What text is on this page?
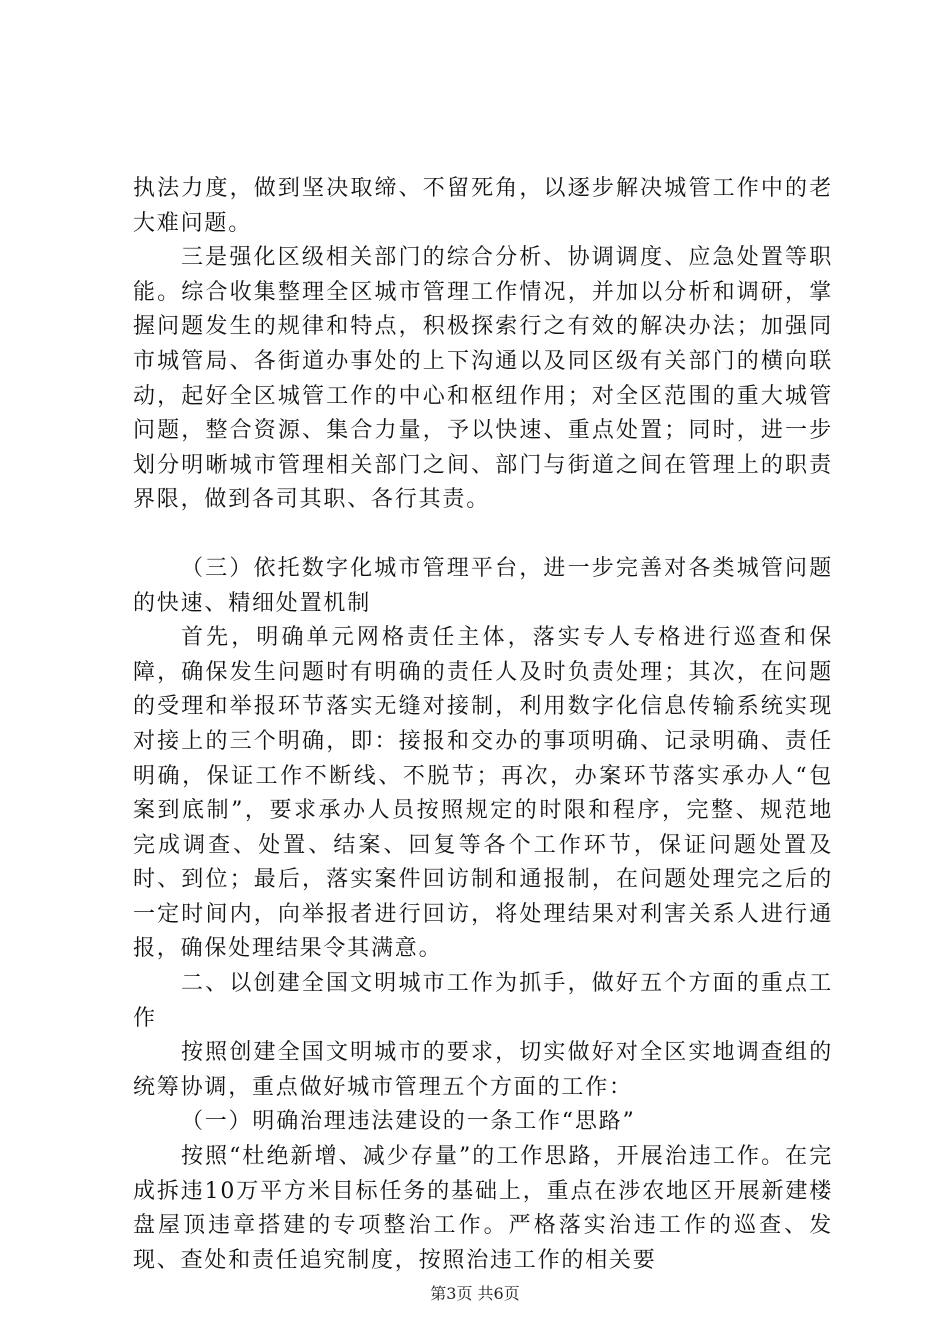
执法力度，做到坚决取缔、不留死角，以逐步解决城管工作中的老大难问题。

三是强化区级相关部门的综合分析、协调调度、应急处置等职能。综合收集整理全区城市管理工作情况，并加以分析和调研，掌握问题发生的规律和特点，积极探索行之有效的解决办法；加强同市城管局、各街道办事处的上下沟通以及同区级有关部门的横向联动，起好全区城管工作的中心和枢纽作用；对全区范围的重大城管问题，整合资源、集合力量，予以快速、重点处置；同时，进一步划分明晰城市管理相关部门之间、部门与街道之间在管理上的职责界限，做到各司其职、各行其责。

（三）依托数字化城市管理平台，进一步完善对各类城管问题的快速、精细处置机制

首先，明确单元网格责任主体，落实专人专格进行巡查和保障，确保发生问题时有明确的责任人及时负责处理；其次，在问题的受理和举报环节落实无缝对接制，利用数字化信息传输系统实现对接上的三个明确，即：接报和交办的事项明确、记录明确、责任明确，保证工作不断线、不脱节；再次，办案环节落实承办人“包案到底制”，要求承办人员按照规定的时限和程序，完整、规范地完成调查、处置、结案、回复等各个工作环节，保证问题处置及时、到位；最后，落实案件回访制和通报制，在问题处理完之后的一定时间内，向举报者进行回访，将处理结果对利害关系人进行通报，确保处理结果令其满意。

二、以创建全国文明城市工作为抓手，做好五个方面的重点工作

按照创建全国文明城市的要求，切实做好对全区实地调查组的统筹协调，重点做好城市管理五个方面的工作：

（一）明确治理违法建设的一条工作“思路”

按照“杜绝新增、减少存量”的工作思路，开展治违工作。在完成拆违10万平方米目标任务的基础上，重点在涉农地区开展新建楼盘屋顶违章搭建的专项整治工作。严格落实治违工作的巡查、发现、查处和责任追究制度，按照治违工作的相关要

第3页 共6页
